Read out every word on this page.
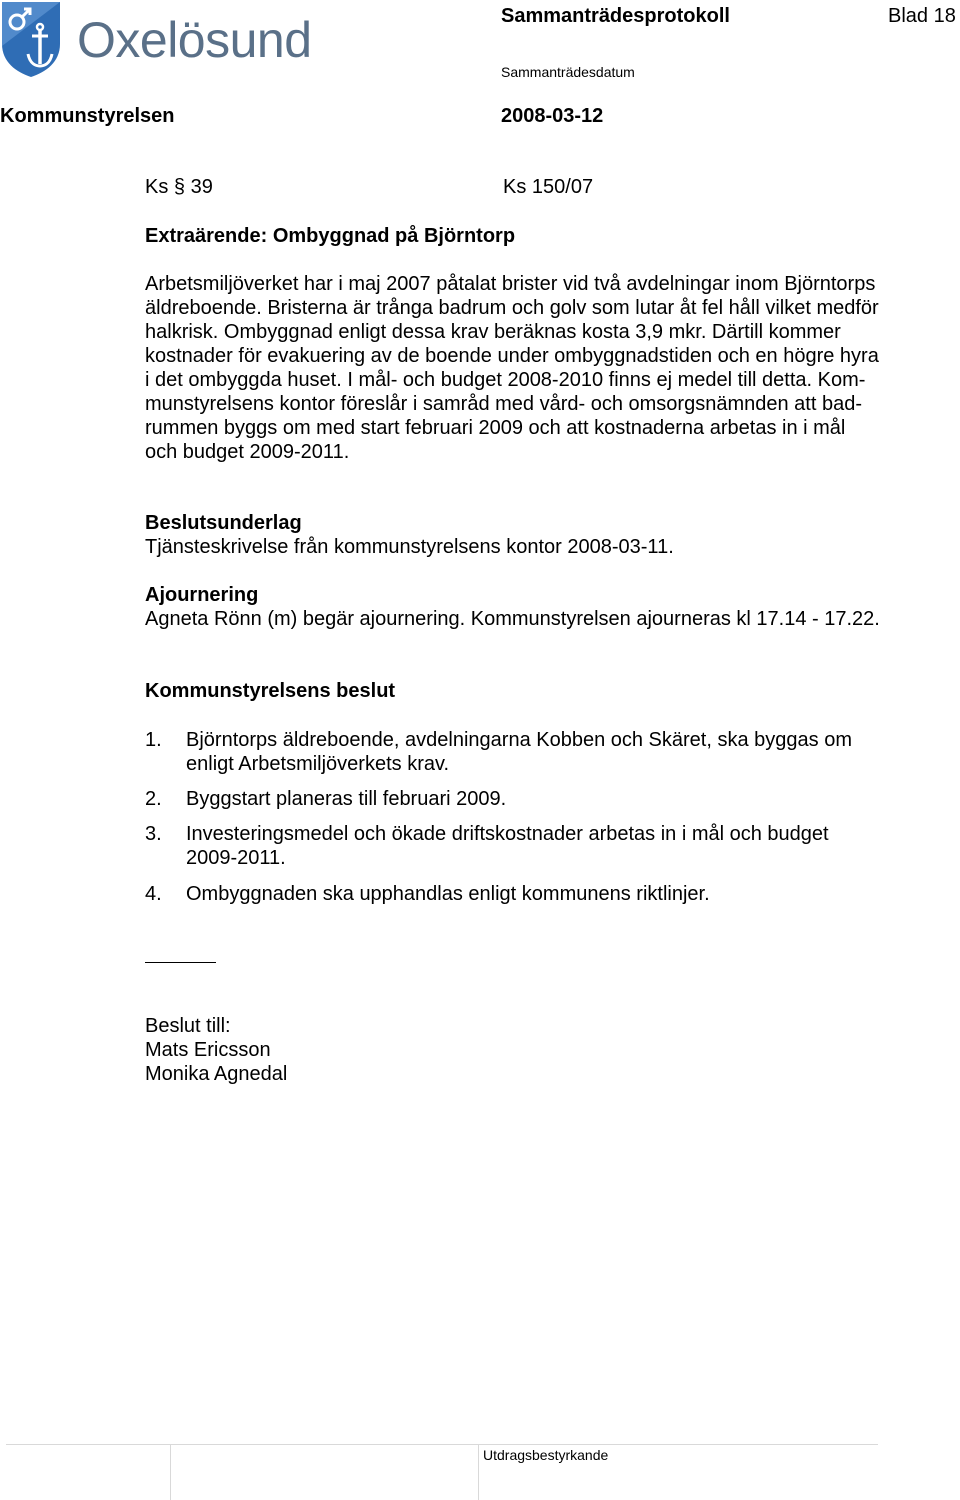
Oxelösund	Sammanträdesprotokoll	Blad 18
Sammanträdesdatum
Kommunstyrelsen	2008-03-12
Ks § 39	Ks 150/07
Extraärende: Ombyggnad på Björntorp

Arbetsmiljöverket har i maj 2007 påtalat brister vid två avdelningar inom Björntorps
äldreboende. Bristerna är trånga badrum och golv som lutar åt fel håll vilket medför
halkrisk. Ombyggnad enligt dessa krav beräknas kosta 3,9 mkr. Därtill kommer
kostnader för evakuering av de boende under ombyggnadstiden och en högre hyra
i det ombyggda huset. I mål- och budget 2008-2010 finns ej medel till detta. Kom-
munstyrelsens kontor föreslår i samråd med vård- och omsorgsnämnden att bad-
rummen byggs om med start februari 2009 och att kostnaderna arbetas in i mål
och budget 2009-2011.

Beslutsunderlag
Tjänsteskrivelse från kommunstyrelsens kontor 2008-03-11.
Ajournering
Agneta Rönn (m) begär ajournering. Kommunstyrelsen ajourneras kl 17.14 - 17.22.
Kommunstyrelsens beslut
1. Björntorps äldreboende, avdelningarna Kobben och Skäret, ska byggas om
enligt Arbetsmiljöverkets krav.
2. Byggstart planeras till februari 2009.
3. Investeringsmedel och ökade driftskostnader arbetas in i mål och budget
2009-2011.
4. Ombyggnaden ska upphandlas enligt kommunens riktlinjer.
Beslut till:
Mats Ericsson
Monika Agnedal
Utdragsbestyrkande
